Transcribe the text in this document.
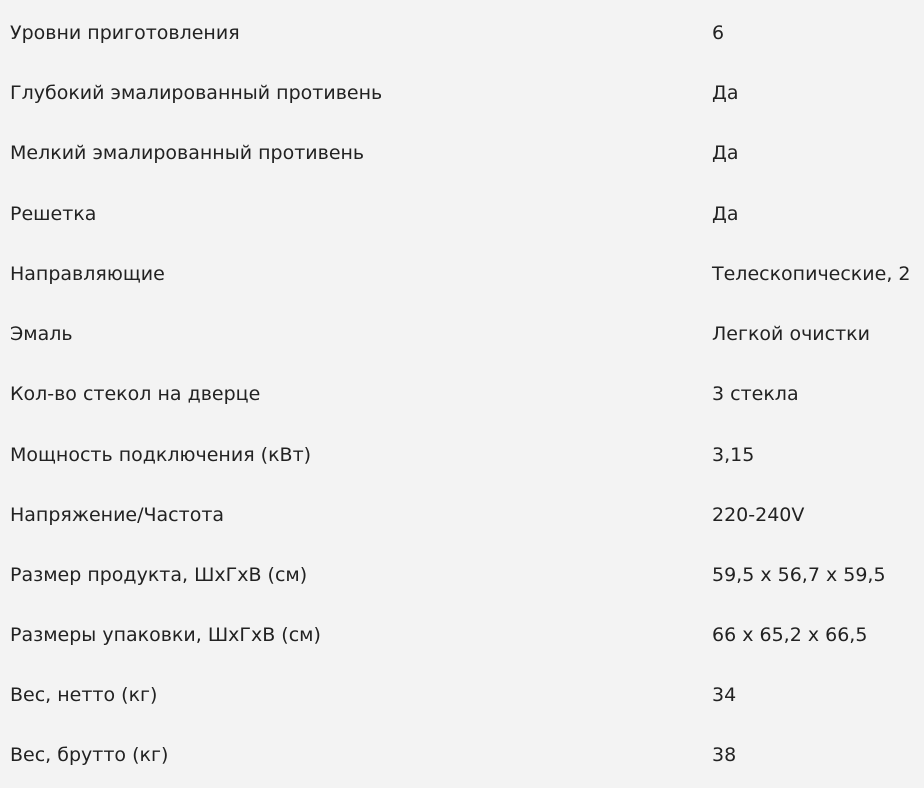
Уровни приготовления	6
Глубокий эмалированный противень	Да
Мелкий эмалированный противень	Да
Решетка	Да
Направляющие	Телескопические, 2
Эмаль	Легкой очистки
Кол-во стекол на дверце	3 стекла
Мощность подключения (кВт)	3,15
Напряжение/Частота	220-240V
Размер продукта, ШхГхВ (см)	59,5 х 56,7 х 59,5
Размеры упаковки, ШхГхВ (см)	66 х 65,2 х 66,5
Вес, нетто (кг)	34
Вес, брутто (кг)	38
